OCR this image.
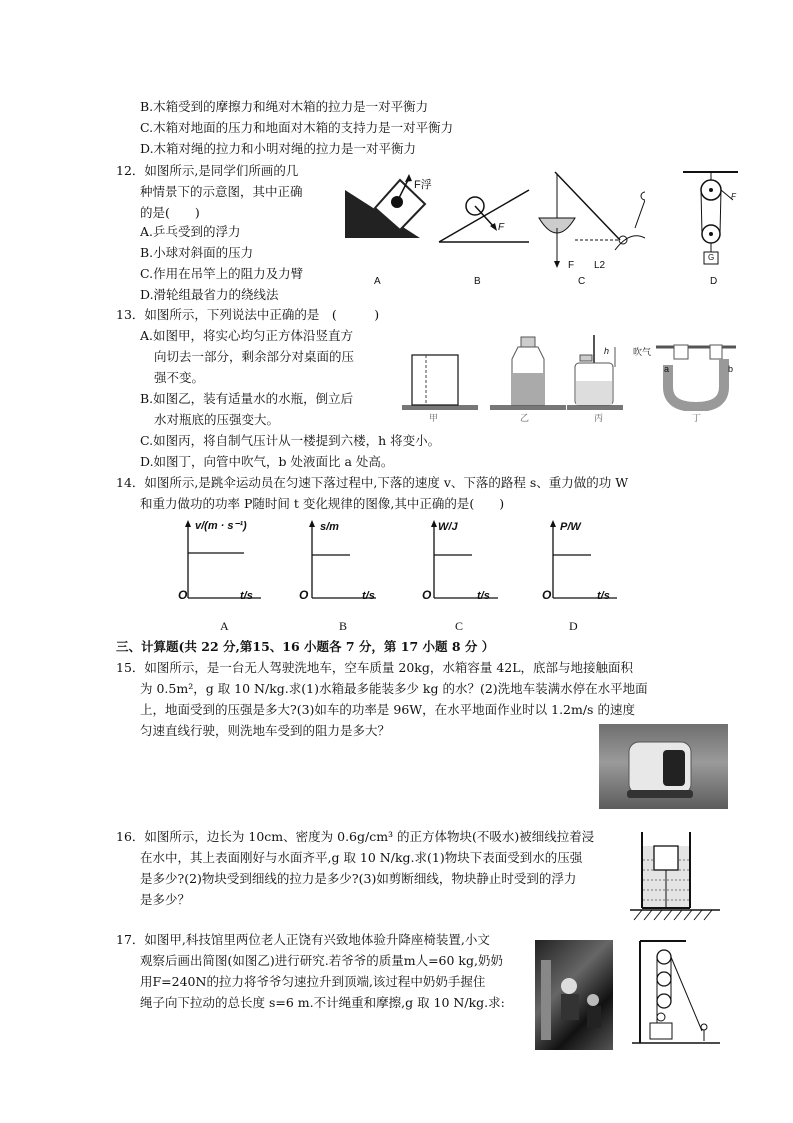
B.木箱受到的摩擦力和绳对木箱的拉力是一对平衡力
C.木箱对地面的压力和地面对木箱的支持力是一对平衡力
D.木箱对绳的拉力和小明对绳的拉力是一对平衡力
12．如图所示,是同学们所画的几
种情景下的示意图，其中正确
的是(　　)
A.乒乓受到的浮力
B.小球对斜面的压力
C.作用在吊竿上的阻力及力臂
D.滑轮组最省力的绕线法
F浮
A
F
B
F L2
C
F
G
D
13．如图所示，下列说法中正确的是　(　　　)
A.如图甲，将实心均匀正方体沿竖直方
向切去一部分，剩余部分对桌面的压
强不变。
B.如图乙，装有适量水的水瓶，倒立后
水对瓶底的压强变大。
C.如图丙，将自制气压计从一楼提到六楼，h 将变小。
D.如图丁，向管中吹气，b 处液面比 a 处高。
甲	乙
h
丙
吹气
a	b
丁
14．如图所示,是跳伞运动员在匀速下落过程中,下落的速度 v、下落的路程 s、重力做的功 W
和重力做功的功率 P随时间 t 变化规律的图像,其中正确的是(　　)
v/(m · s⁻¹)
t/s
O
A
s/m
t/s
O
B
W/J
t/s
O
C
P/W
t/s
O
D
三、计算题(共 22 分,第15、16 小题各 7 分，第 17 小题 8 分 ）
15．如图所示，是一台无人驾驶洗地车，空车质量 20kg，水箱容量 42L，底部与地接触面积
为 0.5m²，g 取 10 N/kg.求(1)水箱最多能装多少 kg 的水？(2)洗地车装满水停在水平地面
上，地面受到的压强是多大?(3)如车的功率是 96W，在水平地面作业时以 1.2m/s 的速度
匀速直线行驶，则洗地车受到的阻力是多大？
16．如图所示，边长为 10cm、密度为 0.6g/cm³ 的正方体物块(不吸水)被细线拉着浸
在水中，其上表面刚好与水面齐平,g 取 10 N/kg.求(1)物块下表面受到水的压强
是多少?(2)物块受到细线的拉力是多少?(3)如剪断细线，物块静止时受到的浮力
是多少？
17．如图甲,科技馆里两位老人正饶有兴致地体验升降座椅装置,小文
观察后画出简图(如图乙)进行研究.若爷爷的质量m人=60 kg,奶奶
用F=240N的拉力将爷爷匀速拉升到顶端,该过程中奶奶手握住
绳子向下拉动的总长度 s=6 m.不计绳重和摩擦,g 取 10 N/kg.求:
